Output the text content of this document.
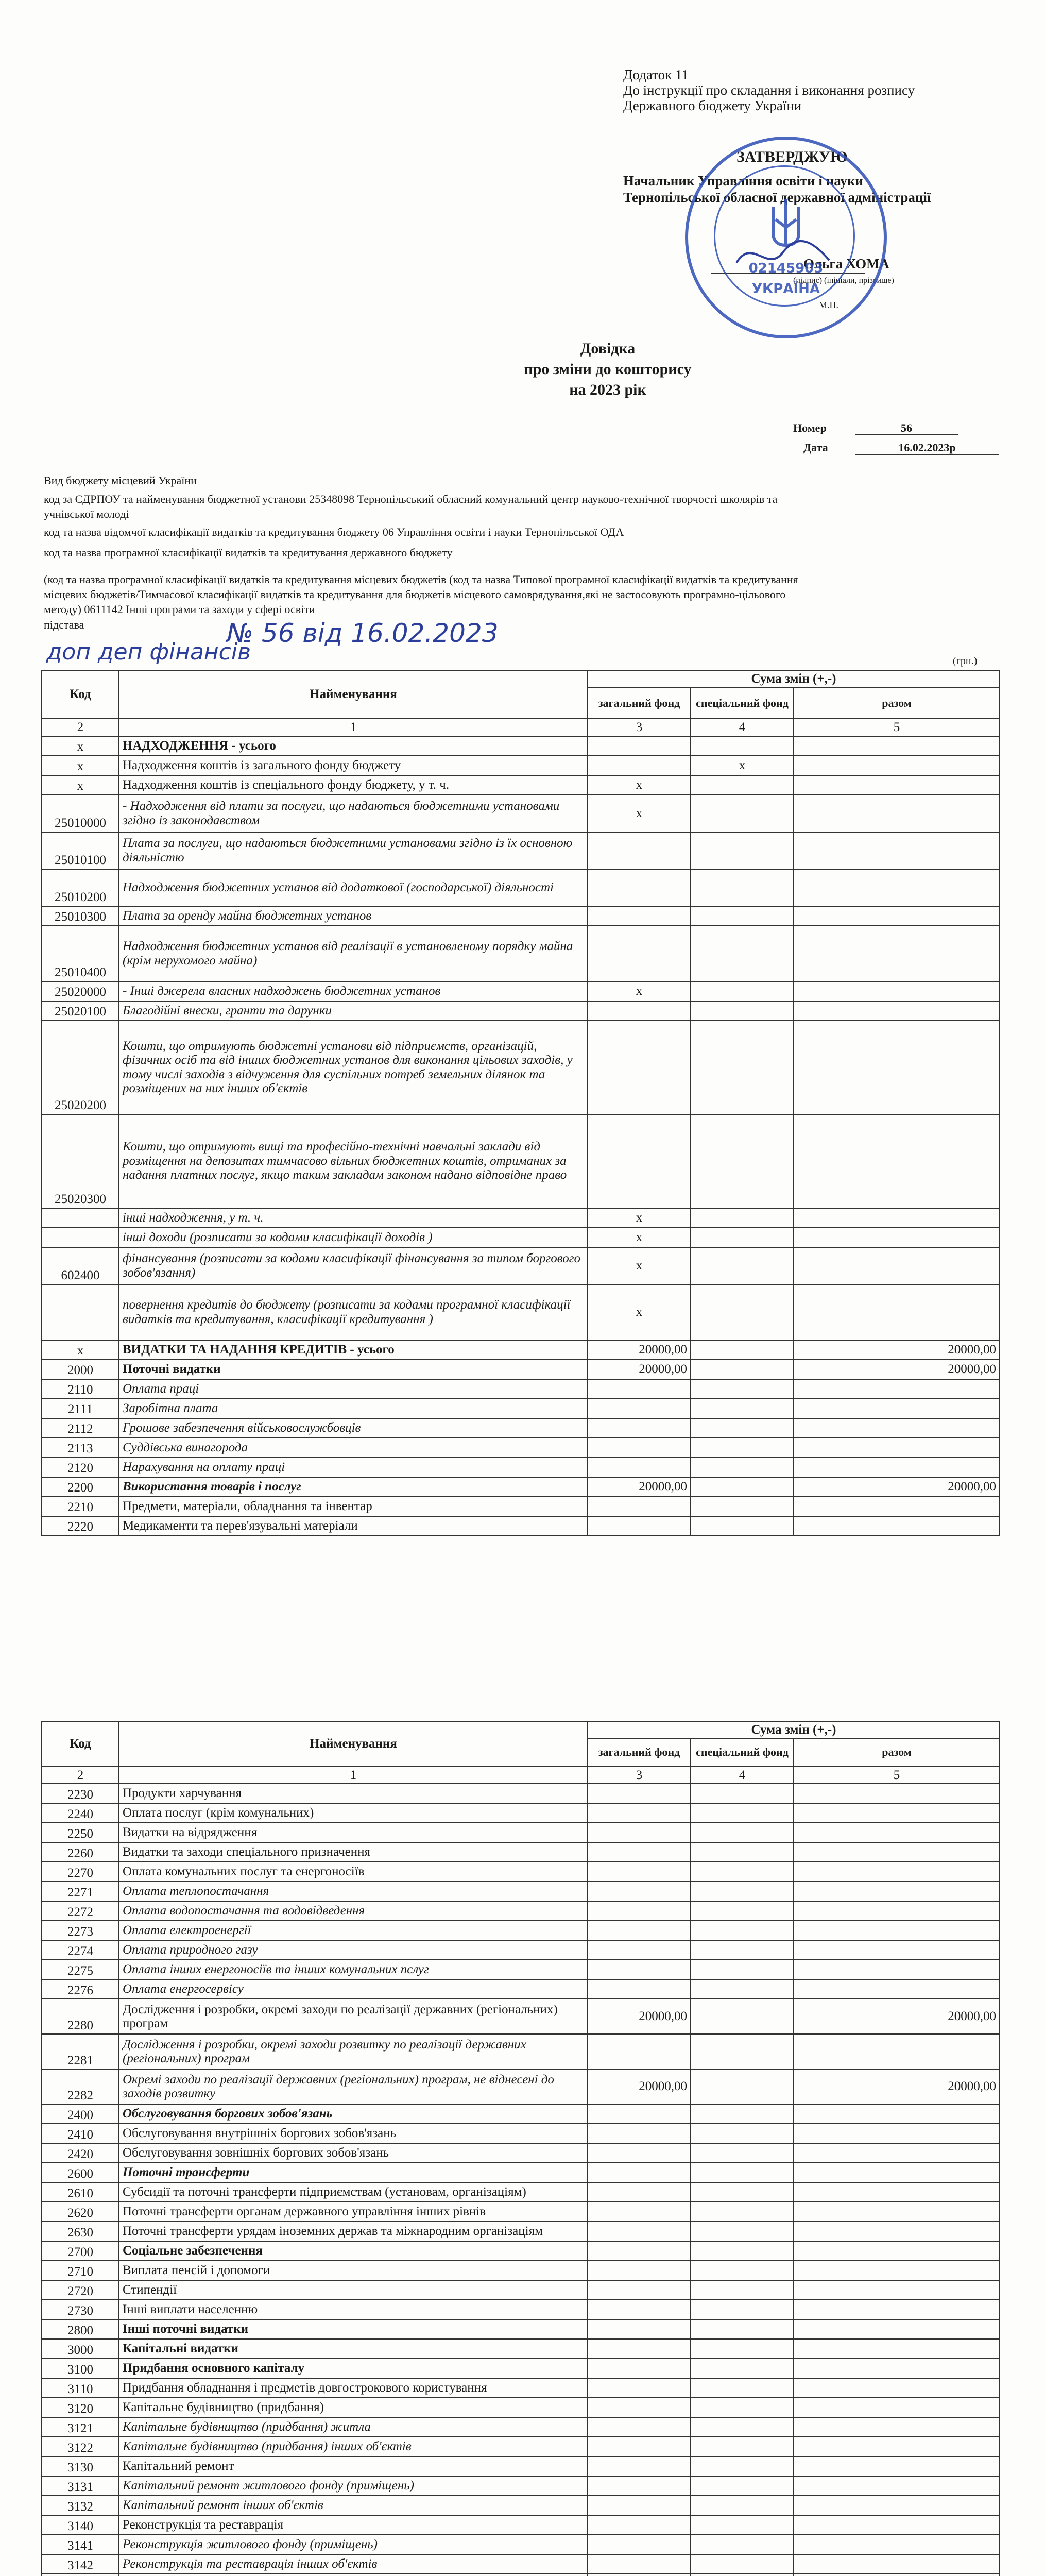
Додаток 11
До інструкції про складання і виконання розпису
Державного бюджету України
ЗАТВЕРДЖУЮ
Начальник Управління освіти і науки
Тернопільської обласної державної адміністрації
Ольга ХОМА
(підпис) (ініціали, прізвище)
М.П.
02145903
УКРАЇНА
Довідка
про зміни до кошторису
на 2023 рік
Номер	56
Дата	16.02.2023р
Вид бюджету місцевий України
код за ЄДРПОУ та найменування бюджетної установи 25348098 Тернопільський обласний комунальний центр науково-технічної творчості школярів та
учнівської молоді
код та назва відомчої класифікації видатків та кредитування бюджету 06 Управління освіти і науки Тернопільської ОДА
код та назва програмної класифікації видатків та кредитування державного бюджету
(код та назва програмної класифікації видатків та кредитування місцевих бюджетів (код та назва Типової програмної класифікації видатків та кредитування
місцевих бюджетів/Тимчасової класифікації видатків та кредитування для бюджетів місцевого самоврядування,які не застосовують програмно-цільового
методу) 0611142 Інші програми та заходи у сфері освіти
підстава	№ 56 від 16.02.2023
доп деп фінансів	(грн.)
Код	Найменування	Сума змін (+,-)		
		загальний фонд	спеціальний фонд	разом
2	1	3	4	5
x	НАДХОДЖЕННЯ - усього			
x	Надходження коштів із загального фонду бюджету		x	
x	Надходження коштів із спеціального фонду бюджету, у т. ч.	x		
25010000	- Надходження від плати за послуги, що надаються бюджетними установами згідно із законодавством	x		
25010100	Плата за послуги, що надаються бюджетними установами згідно із їх основною діяльністю			
25010200	Надходження бюджетних установ від додаткової (господарської) діяльності			
25010300	Плата за оренду майна бюджетних установ			
25010400	Надходження бюджетних установ від реалізації в установленому порядку майна (крім нерухомого майна)			
25020000	- Інші джерела власних надходжень бюджетних установ	x		
25020100	Благодійні внески, гранти та дарунки			
25020200	Кошти, що отримують бюджетні установи від підприємств, організацій, фізичних осіб та від інших бюджетних установ для виконання цільових заходів, у тому числі заходів з відчуження для суспільних потреб земельних ділянок та розміщених на них інших об'єктів			
25020300	Кошти, що отримують вищі та професійно-технічні навчальні заклади від розміщення на депозитах тимчасово вільних бюджетних коштів, отриманих за надання платних послуг, якщо таким закладам законом надано відповідне право			
	інші надходження, у т. ч.	x		
	інші доходи (розписати за кодами класифікації доходів )	x		
602400	фінансування (розписати за кодами класифікації фінансування за типом боргового зобов'язання)	x		
	повернення кредитів до бюджету (розписати за кодами програмної класифікації видатків та кредитування, класифікації кредитування )	x		
x	ВИДАТКИ ТА НАДАННЯ КРЕДИТІВ - усього	20000,00		20000,00
2000	Поточні видатки	20000,00		20000,00
2110	Оплата праці			
2111	Заробітна плата			
2112	Грошове забезпечення військовослужбовців			
2113	Суддівська винагорода			
2120	Нарахування на оплату праці			
2200	Використання товарів і послуг	20000,00		20000,00
2210	Предмети, матеріали, обладнання та інвентар			
2220	Медикаменти та перев'язувальні матеріали			
Код	Найменування	Сума змін (+,-)		
		загальний фонд	спеціальний фонд	разом
2	1	3	4	5
2230	Продукти харчування			
2240	Оплата послуг (крім комунальних)			
2250	Видатки на відрядження			
2260	Видатки та заходи спеціального призначення			
2270	Оплата комунальних послуг та енергоносіїв			
2271	Оплата теплопостачання			
2272	Оплата водопостачання та водовідведення			
2273	Оплата електроенергії			
2274	Оплата природного газу			
2275	Оплата інших енергоносіїв та інших комунальних пслуг			
2276	Оплата енергосервісу			
2280	Дослідження і розробки, окремі заходи по реалізації державних (регіональних) програм	20000,00		20000,00
2281	Дослідження і розробки, окремі заходи розвитку по реалізації державних (регіональних) програм			
2282	Окремі заходи по реалізації державних (регіональних) програм, не віднесені до заходів розвитку	20000,00		20000,00
2400	Обслуговування боргових зобов'язань			
2410	Обслуговування внутрішніх боргових зобов'язань			
2420	Обслуговування зовнішніх боргових зобов'язань			
2600	Поточні трансферти			
2610	Субсидії та поточні трансферти підприємствам (установам, організаціям)			
2620	Поточні трансферти органам державного управління інших рівнів			
2630	Поточні трансферти урядам іноземних держав та міжнародним організаціям			
2700	Соціальне забезпечення			
2710	Виплата пенсій і допомоги			
2720	Стипендії			
2730	Інші виплати населенню			
2800	Інші поточні видатки			
3000	Капітальні видатки			
3100	Придбання основного капіталу			
3110	Придбання обладнання і предметів довгострокового користування			
3120	Капітальне будівництво (придбання)			
3121	Капітальне будівництво (придбання) житла			
3122	Капітальне будівництво (придбання) інших об'єктів			
3130	Капітальний ремонт			
3131	Капітальний ремонт житлового фонду (приміщень)			
3132	Капітальний ремонт інших об'єктів			
3140	Реконструкція та реставрація			
3141	Реконструкція житлового фонду (приміщень)			
3142	Реконструкція та реставрація інших об'єктів			
